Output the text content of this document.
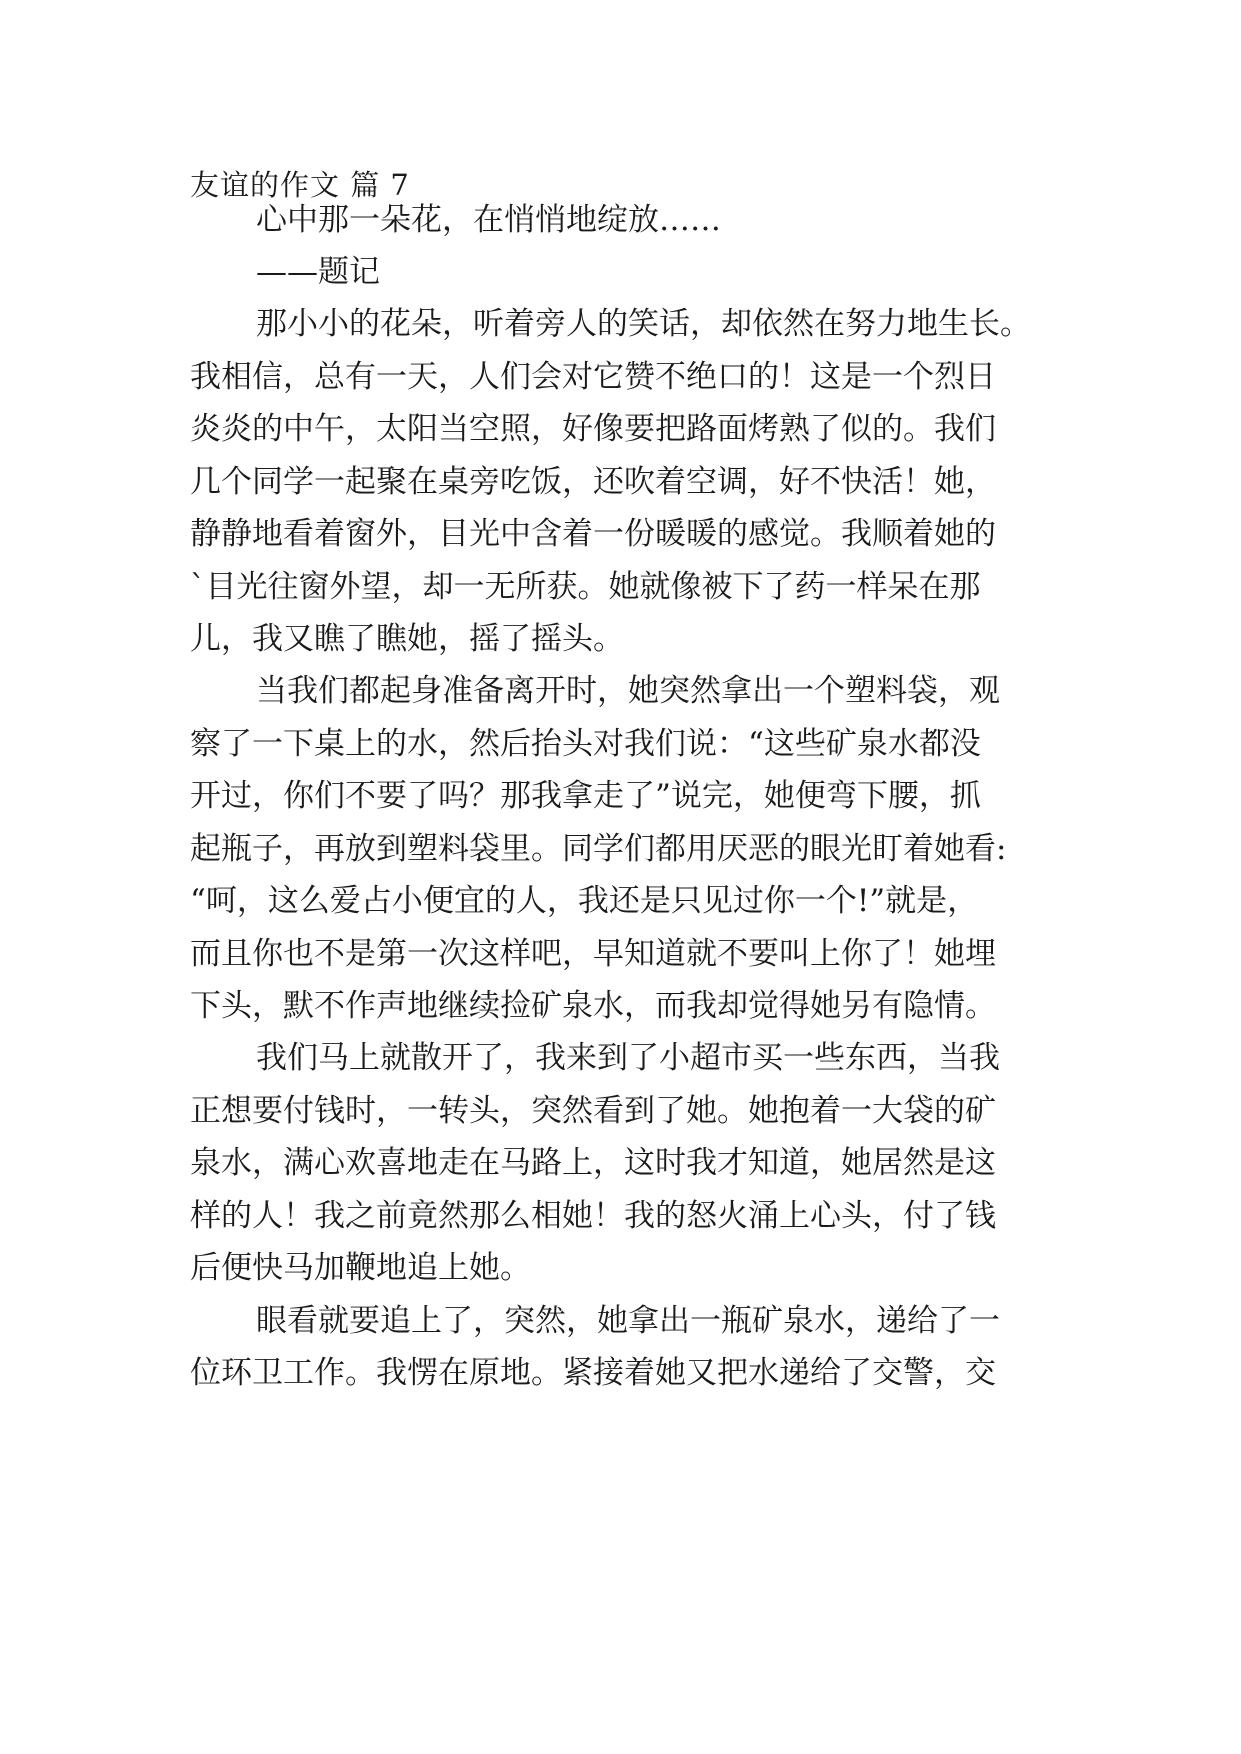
友谊的作文 篇 7
心中那一朵花，在悄悄地绽放……
——题记
那小小的花朵，听着旁人的笑话，却依然在努力地生长。
我相信，总有一天，人们会对它赞不绝口的！这是一个烈日
炎炎的中午，太阳当空照，好像要把路面烤熟了似的。我们
几个同学一起聚在桌旁吃饭，还吹着空调，好不快活！她，
静静地看着窗外，目光中含着一份暖暖的感觉。我顺着她的
`目光往窗外望，却一无所获。她就像被下了药一样呆在那
儿，我又瞧了瞧她，摇了摇头。
当我们都起身准备离开时，她突然拿出一个塑料袋，观
察了一下桌上的水，然后抬头对我们说：“这些矿泉水都没
开过，你们不要了吗？那我拿走了”说完，她便弯下腰，抓
起瓶子，再放到塑料袋里。同学们都用厌恶的眼光盯着她看:
“呵，这么爱占小便宜的人，我还是只见过你一个!”就是，
而且你也不是第一次这样吧，早知道就不要叫上你了！她埋
下头，默不作声地继续捡矿泉水，而我却觉得她另有隐情。
我们马上就散开了，我来到了小超市买一些东西，当我
正想要付钱时，一转头，突然看到了她。她抱着一大袋的矿
泉水，满心欢喜地走在马路上，这时我才知道，她居然是这
样的人！我之前竟然那么相她！我的怒火涌上心头，付了钱
后便快马加鞭地追上她。
眼看就要追上了，突然，她拿出一瓶矿泉水，递给了一
位环卫工作。我愣在原地。紧接着她又把水递给了交警，交
